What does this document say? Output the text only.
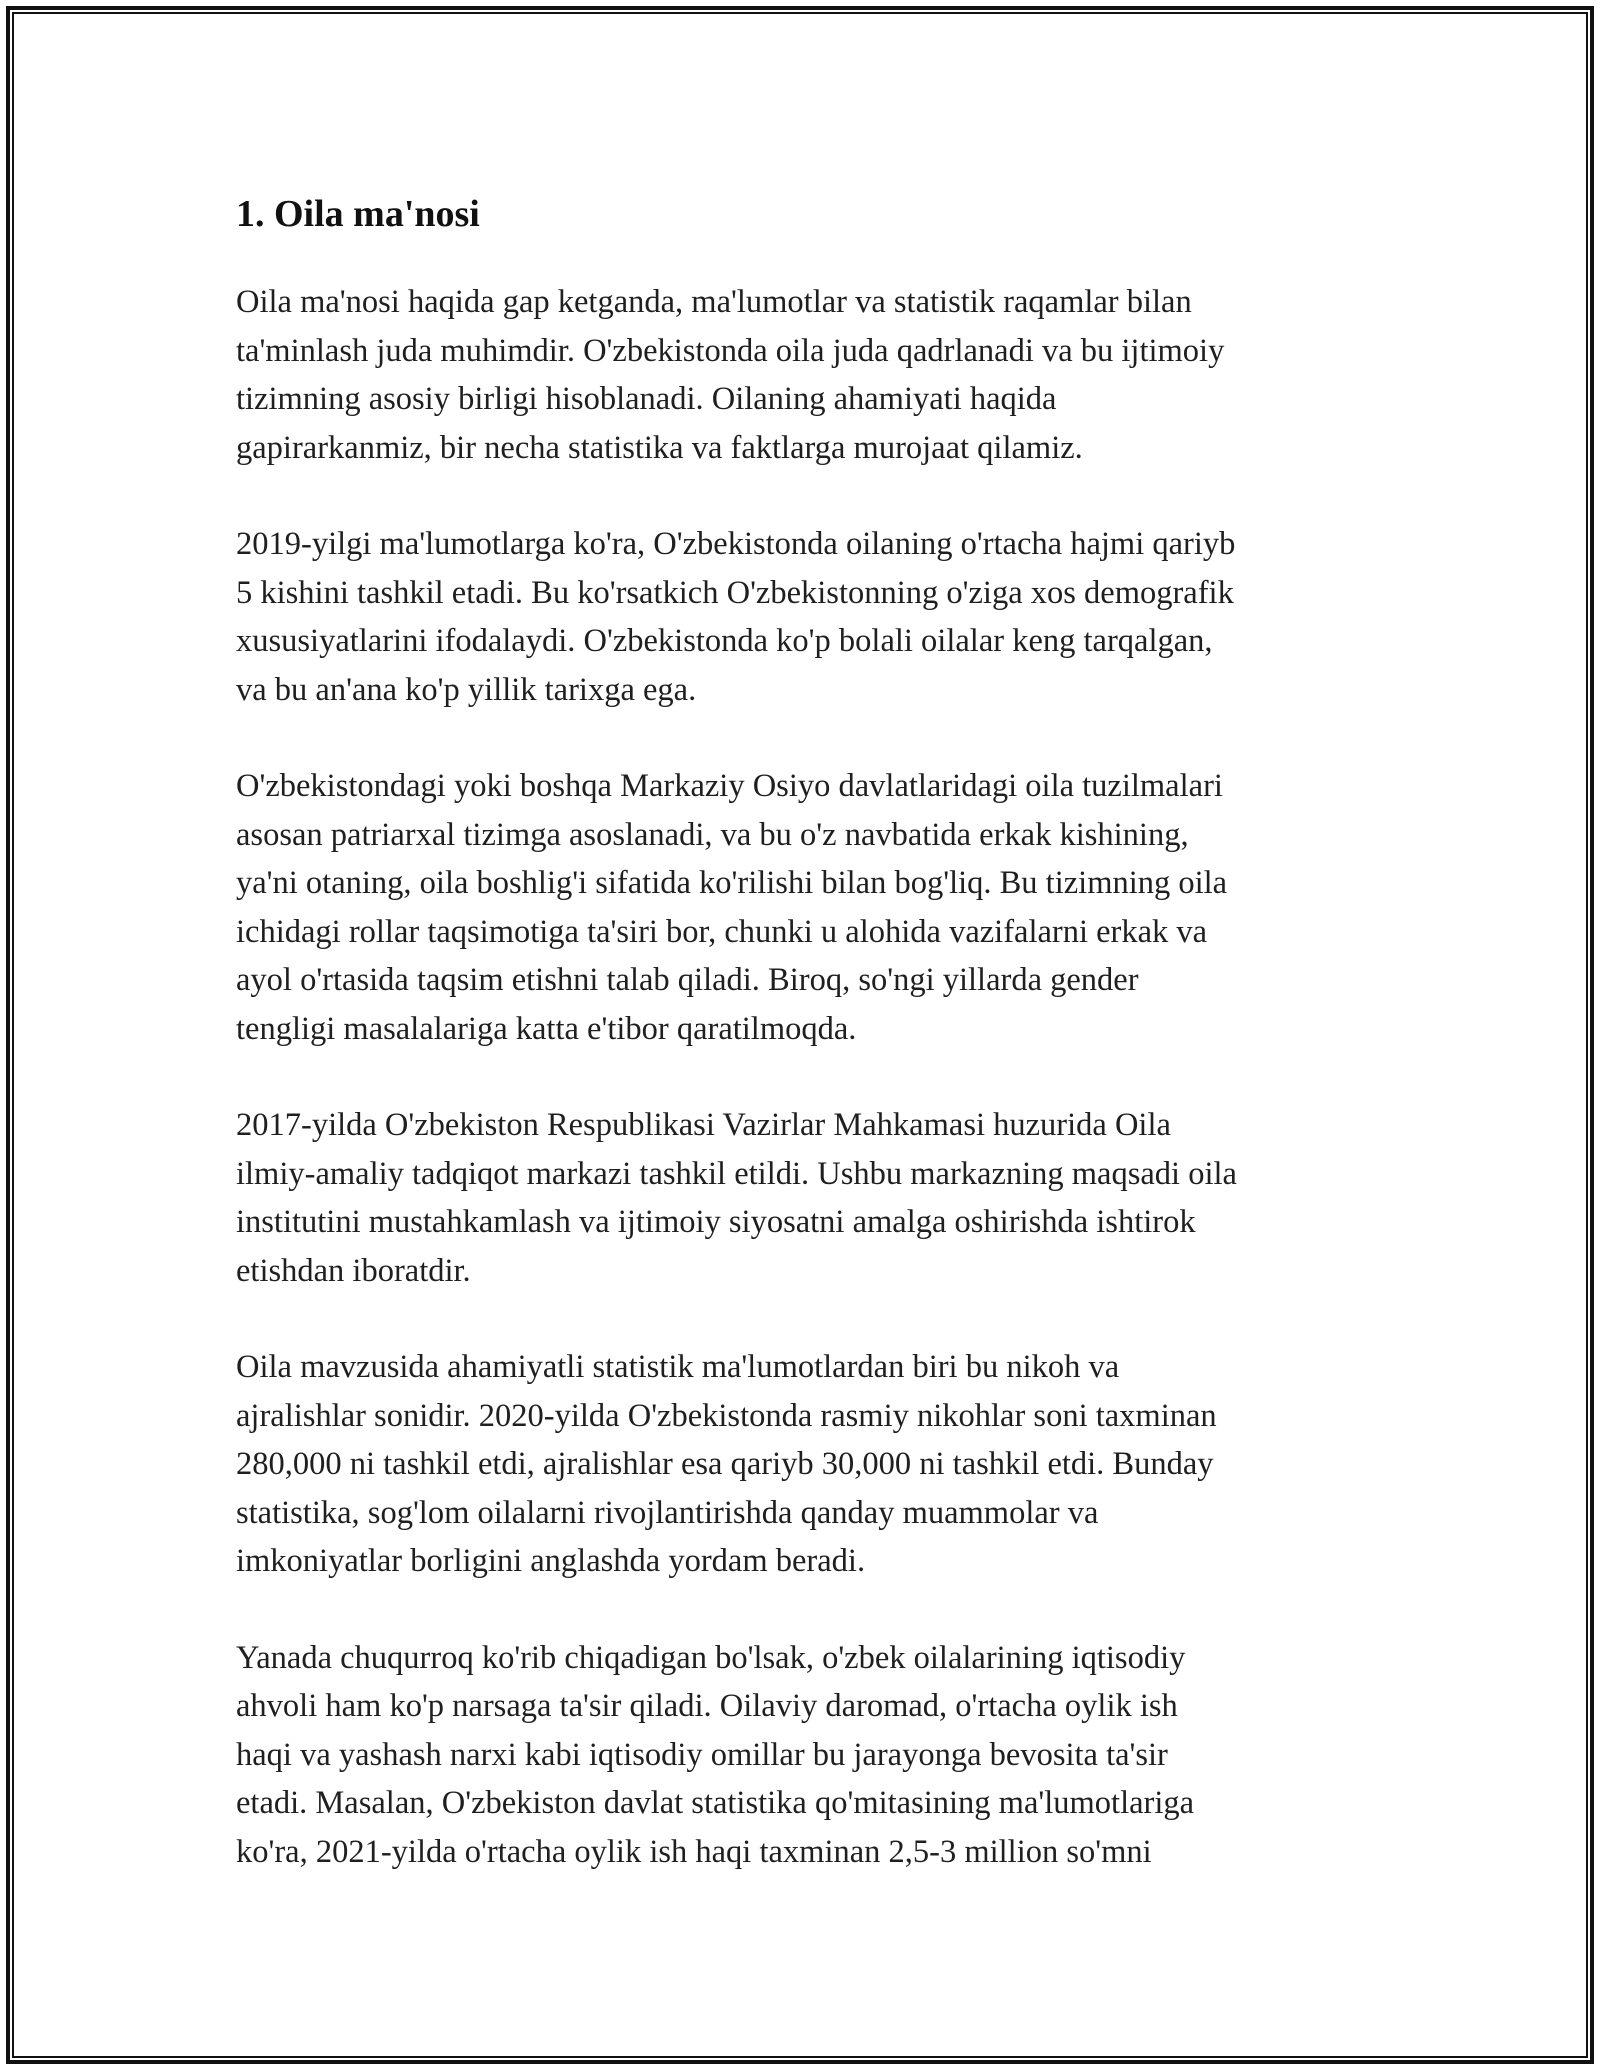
1. Oila ma'nosi

Oila ma'nosi haqida gap ketganda, ma'lumotlar va statistik raqamlar bilan
ta'minlash juda muhimdir. O'zbekistonda oila juda qadrlanadi va bu ijtimoiy
tizimning asosiy birligi hisoblanadi. Oilaning ahamiyati haqida
gapirarkanmiz, bir necha statistika va faktlarga murojaat qilamiz.

2019-yilgi ma'lumotlarga ko'ra, O'zbekistonda oilaning o'rtacha hajmi qariyb
5 kishini tashkil etadi. Bu ko'rsatkich O'zbekistonning o'ziga xos demografik
xususiyatlarini ifodalaydi. O'zbekistonda ko'p bolali oilalar keng tarqalgan,
va bu an'ana ko'p yillik tarixga ega.

O'zbekistondagi yoki boshqa Markaziy Osiyo davlatlaridagi oila tuzilmalari
asosan patriarxal tizimga asoslanadi, va bu o'z navbatida erkak kishining,
ya'ni otaning, oila boshlig'i sifatida ko'rilishi bilan bog'liq. Bu tizimning oila
ichidagi rollar taqsimotiga ta'siri bor, chunki u alohida vazifalarni erkak va
ayol o'rtasida taqsim etishni talab qiladi. Biroq, so'ngi yillarda gender
tengligi masalalariga katta e'tibor qaratilmoqda.

2017-yilda O'zbekiston Respublikasi Vazirlar Mahkamasi huzurida Oila
ilmiy-amaliy tadqiqot markazi tashkil etildi. Ushbu markazning maqsadi oila
institutini mustahkamlash va ijtimoiy siyosatni amalga oshirishda ishtirok
etishdan iboratdir.

Oila mavzusida ahamiyatli statistik ma'lumotlardan biri bu nikoh va
ajralishlar sonidir. 2020-yilda O'zbekistonda rasmiy nikohlar soni taxminan
280,000 ni tashkil etdi, ajralishlar esa qariyb 30,000 ni tashkil etdi. Bunday
statistika, sog'lom oilalarni rivojlantirishda qanday muammolar va
imkoniyatlar borligini anglashda yordam beradi.

Yanada chuqurroq ko'rib chiqadigan bo'lsak, o'zbek oilalarining iqtisodiy
ahvoli ham ko'p narsaga ta'sir qiladi. Oilaviy daromad, o'rtacha oylik ish
haqi va yashash narxi kabi iqtisodiy omillar bu jarayonga bevosita ta'sir
etadi. Masalan, O'zbekiston davlat statistika qo'mitasining ma'lumotlariga
ko'ra, 2021-yilda o'rtacha oylik ish haqi taxminan 2,5-3 million so'mni
